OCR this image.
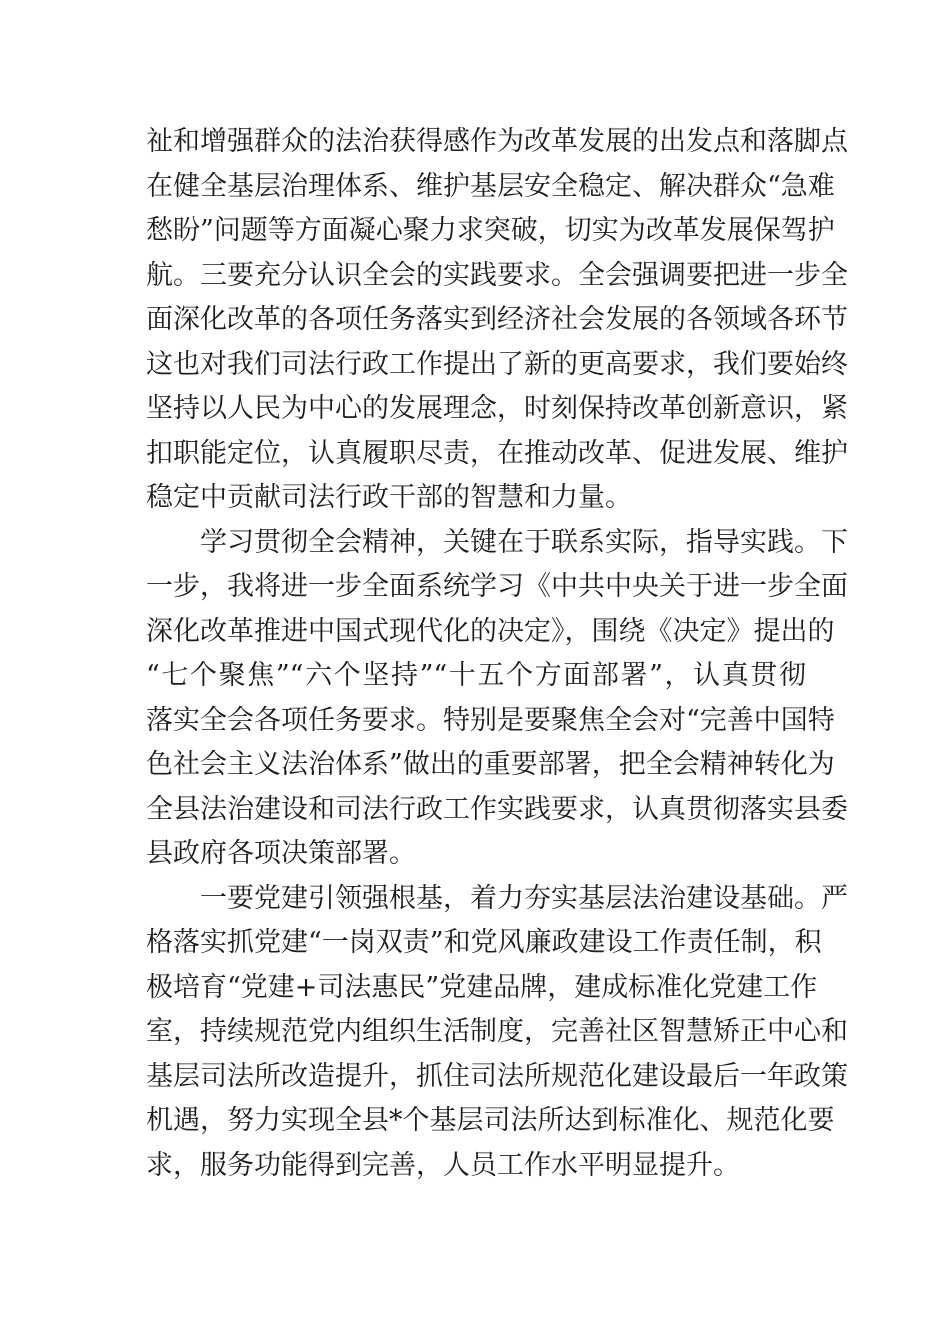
祉和增强群众的法治获得感作为改革发展的出发点和落脚点
在健全基层治理体系、维护基层安全稳定、解决群众“急难
愁盼”问题等方面凝心聚力求突破，切实为改革发展保驾护
航。三要充分认识全会的实践要求。全会强调要把进一步全
面深化改革的各项任务落实到经济社会发展的各领域各环节
这也对我们司法行政工作提出了新的更高要求，我们要始终
坚持以人民为中心的发展理念，时刻保持改革创新意识，紧
扣职能定位，认真履职尽责，在推动改革、促进发展、维护
稳定中贡献司法行政干部的智慧和力量。
学习贯彻全会精神，关键在于联系实际，指导实践。下
一步，我将进一步全面系统学习《中共中央关于进一步全面
深化改革推进中国式现代化的决定》，围绕《决定》提出的
“七个聚焦”“六个坚持”“十五个方面部署”，认真贯彻
落实全会各项任务要求。特别是要聚焦全会对“完善中国特
色社会主义法治体系”做出的重要部署，把全会精神转化为
全县法治建设和司法行政工作实践要求，认真贯彻落实县委
县政府各项决策部署。
一要党建引领强根基，着力夯实基层法治建设基础。严
格落实抓党建“一岗双责”和党风廉政建设工作责任制，积
极培育“党建+司法惠民”党建品牌，建成标准化党建工作
室，持续规范党内组织生活制度，完善社区智慧矫正中心和
基层司法所改造提升，抓住司法所规范化建设最后一年政策
机遇，努力实现全县*个基层司法所达到标准化、规范化要
求，服务功能得到完善，人员工作水平明显提升。
